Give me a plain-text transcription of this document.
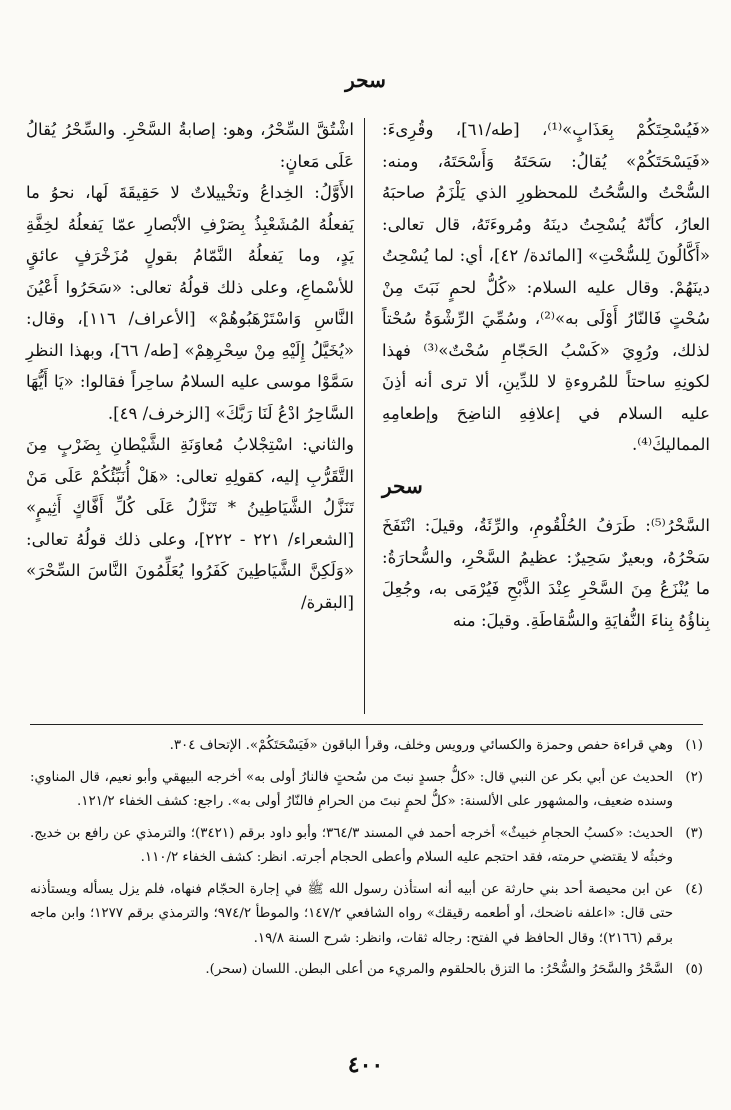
سحر

«فَيُسْحِتَكُمْ بِعَذَابٍ»⁽¹⁾، [طه/٦١]، وقُرِىءَ: «فَيَسْحَتَكُمْ» يُقالُ: سَحَتَهُ وَأَسْحَتَهُ، ومنه: السُّحْتُ والسُّحُتُ للمحظورِ الذي يَلْزَمُ صاحبَهُ العارُ، كأنّهُ يُسْحِتُ دينَهُ ومُروءَتَهُ، قال تعالى: «أَكَّالُونَ لِلسُّحْتِ» [المائدة/ ٤٢]، أي: لما يُسْحِتُ دينَهُمْ. وقال عليه السلام: «كُلُّ لحمٍ نَبَتَ مِنْ سُحْتٍ فَالنّارُ أَوْلَى به»⁽²⁾، وسُمِّيَ الرِّشْوَةُ سُحْتاً لذلك، ورُوِيَ «كَسْبُ الحَجّامِ سُحْتٌ»⁽³⁾ فهذا لكونِهِ ساحتاً للمُروءةِ لا للدِّينِ، ألا ترى أنه أذِنَ عليه السلام في إعلافِهِ الناضِحَ وإطعامِهِ المماليكَ⁽⁴⁾.

سحر

السَّحْرُ⁽⁵⁾: طَرَفُ الحُلْقُومِ، والرِّئَةُ، وقيلَ: انْتَفَخَ سَحْرُهُ، وبعيرٌ سَحِيرٌ: عظيمُ السَّحْرِ، والسُّحارَةُ: ما يُنْزَعُ مِنَ السَّحْرِ عِنْدَ الذَّبْحِ فَيُرْمَى به، وجُعِلَ بِناؤُهُ بِناءَ النُّفايَةِ والسُّقاطَةِ. وقيلَ: منه

اشْتُقَّ السِّحْرُ، وهو: إصابةُ السَّحْرِ. والسِّحْرُ يُقالُ عَلَى مَعانٍ:

الأَوَّلُ: الخِداعُ وتخْييلاتٌ لا حَقِيقَةَ لَها، نحوُ ما يَفعلُهُ المُشَعْبِذُ بِصَرْفِ الأبْصارِ عمّا يَفعلُهُ لخِفَّةِ يَدٍ، وما يَفعلُهُ النَّمّامُ بقولٍ مُزَخْرَفٍ عائقٍ للأسْماعِ، وعلى ذلك قولُهُ تعالى: «سَحَرُوا أَعْيُنَ النَّاسِ وَاسْتَرْهَبُوهُمْ» [الأعراف/ ١١٦]، وقال: «يُخَيَّلُ إِلَيْهِ مِنْ سِحْرِهِمْ» [طه/ ٦٦]، وبهذا النظرِ سَمَّوْا موسى عليه السلامُ ساحِراً فقالوا: «يَا أَيُّهَا السَّاحِرُ ادْعُ لَنَا رَبَّكَ» [الزخرف/ ٤٩].

والثاني: اسْتِجْلابُ مُعاوَنَةِ الشَّيْطانِ بِضَرْبٍ مِنَ التَّقَرُّبِ إليه، كقولِهِ تعالى: «هَلْ أُنَبِّئُكُمْ عَلَى مَنْ تَنَزَّلُ الشَّيَاطِينُ * تَنَزَّلُ عَلَى كُلِّ أَفَّاكٍ أَثِيمٍ» [الشعراء/ ٢٢١ - ٢٢٢]، وعلى ذلك قولُهُ تعالى: «وَلَكِنَّ الشَّيَاطِينَ كَفَرُوا يُعَلِّمُونَ النَّاسَ السِّحْرَ» [البقرة/

(١)
وهي قراءة حفص وحمزة والكسائي ورويس وخلف، وقرأ الباقون «فَيَسْحَتَكُمْ». الإتحاف ٣٠٤.
(٢)
الحديث عن أبي بكر عن النبي قال: «كلُّ جسدٍ نبتَ من سُحتٍ فالنارُ أولى به» أخرجه البيهقي وأبو نعيم، قال المناوي: وسنده ضعيف، والمشهور على الألسنة: «كلُّ لحمٍ نبتَ من الحرامِ فالنّارُ أولى به». راجع: كشف الخفاء ١٢١/٢.
(٣)
الحديث: «كسبُ الحجامِ خبيثٌ» أخرجه أحمد في المسند ٣٦٤/٣؛ وأبو داود برقم (٣٤٢١)؛ والترمذي عن رافع بن خديج. وخبثُه لا يقتضي حرمته، فقد احتجم عليه السلام وأعطى الحجام أجرته. انظر: كشف الخفاء ١١٠/٢.
(٤)
عن ابن محيصة أحد بني حارثة عن أبيه أنه استأذن رسول الله ﷺ في إجارة الحجّام فنهاه، فلم يزل يسأله ويستأذنه حتى قال: «اعلفه ناضحك، أو أطعمه رقيقك» رواه الشافعي ١٤٧/٢؛ والموطأ ٩٧٤/٢؛ والترمذي برقم ١٢٧٧؛ وابن ماجه برقم (٢١٦٦)؛ وقال الحافظ في الفتح: رجاله ثقات، وانظر: شرح السنة ١٩/٨.
(٥)
السَّحْرُ والسَّحَرُ والسُّحْرُ: ما التزق بالحلقوم والمريء من أعلى البطن. اللسان (سحر).
٤٠٠
